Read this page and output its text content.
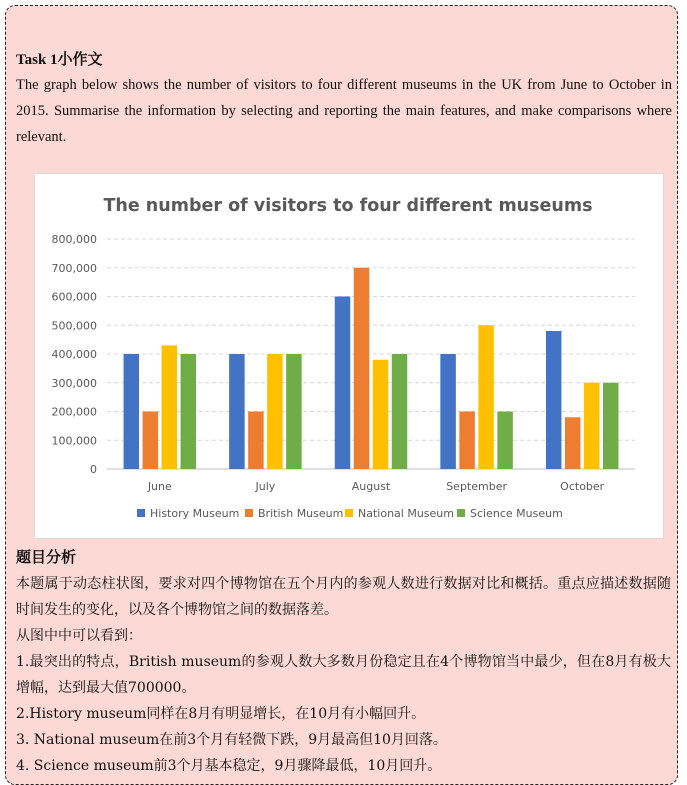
Task 1小作文
The graph below shows the number of visitors to four different museums in the UK from June to October in 2015. Summarise the information by selecting and reporting the main features, and make comparisons where relevant.
The number of visitors to four different museums
0
100,000
200,000
300,000
400,000
500,000
600,000
700,000
800,000
June	July	August	September	October
History Museum British Museum National Museum Science Museum
题目分析

本题属于动态柱状图，要求对四个博物馆在五个月内的参观人数进行数据对比和概括。重点应描述数据随时间发生的变化，以及各个博物馆之间的数据落差。

从图中中可以看到：

1.最突出的特点，British museum的参观人数大多数月份稳定且在4个博物馆当中最少，但在8月有极大增幅，达到最大值700000。

2.History museum同样在8月有明显增长，在10月有小幅回升。

3. National museum在前3个月有轻微下跌，9月最高但10月回落。

4. Science museum前3个月基本稳定，9月骤降最低，10月回升。
